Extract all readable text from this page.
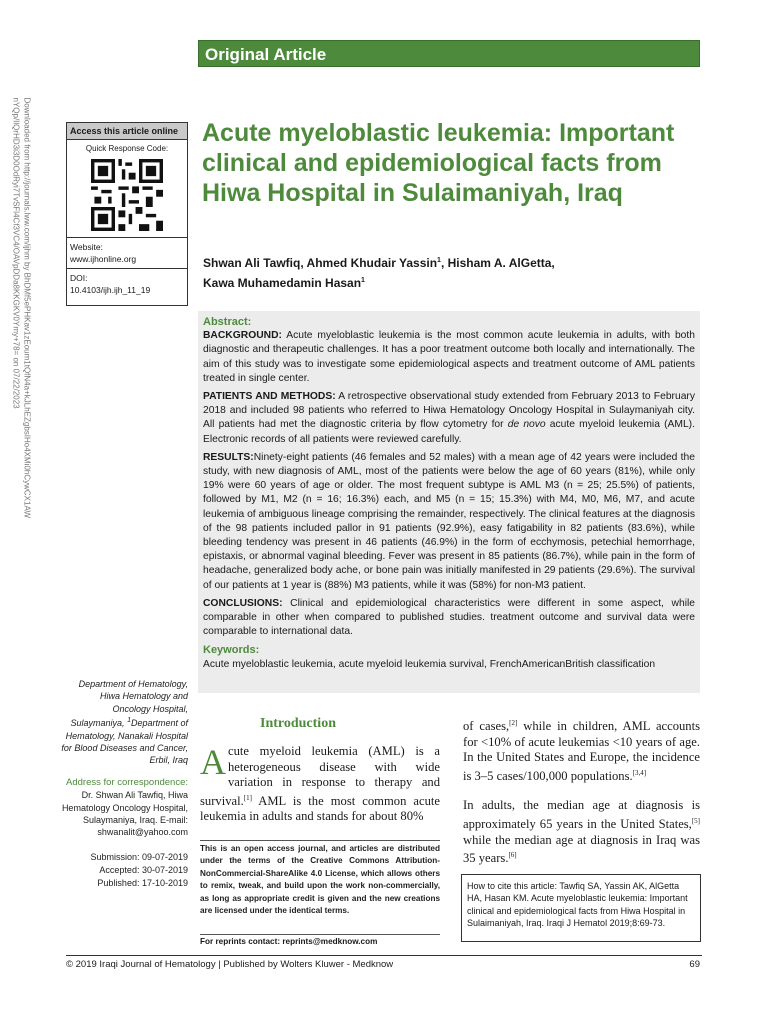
Original Article
Downloaded from http://journals.lww.com/ijhm by BhDMf5ePHKav1zEoum1tQfN4a+kJLhEZgbsIHo4XMi0hCywCX1AW
nYQp/IlQrHD3i3D0OdRyi7TvSFl4Cf3VC4/OAVpDDa8KKGKV0Ymy+78= on 07/22/2023	Access this article online
Quick Response Code:
Website:
www.ijhonline.org
DOI:
10.4103/ijh.ijh_11_19
Acute myeloblastic leukemia: Important clinical and epidemiological facts from Hiwa Hospital in Sulaimaniyah, Iraq
Shwan Ali Tawfiq, Ahmed Khudair Yassin$^1$, Hisham A. AlGetta,
Kawa Muhamedamin Hasan$^1$
Abstract:

BACKGROUND: Acute myeloblastic leukemia is the most common acute leukemia in adults, with both diagnostic and therapeutic challenges. It has a poor treatment outcome both locally and internationally. The aim of this study was to investigate some epidemiological aspects and treatment outcome of AML patients treated in single center.

PATIENTS AND METHODS: A retrospective observational study extended from February 2013 to February 2018 and included 98 patients who referred to Hiwa Hematology Oncology Hospital in Sulaymaniyah city. All patients had met the diagnostic criteria by flow cytometry for de novo acute myeloid leukemia (AML). Electronic records of all patients were reviewed carefully.

RESULTS:Ninety-eight patients (46 females and 52 males) with a mean age of 42 years were included the study, with new diagnosis of AML, most of the patients were below the age of 60 years (81%), while only 19% were 60 years of age or older. The most frequent subtype is AML M3 (n = 25; 25.5%) of patients, followed by M1, M2 (n = 16; 16.3%) each, and M5 (n = 15; 15.3%) with M4, M0, M6, M7, and acute leukemia of ambiguous lineage comprising the remainder, respectively. The clinical features at the diagnosis of the 98 patients included pallor in 91 patients (92.9%), easy fatigability in 82 patients (83.6%), while bleeding tendency was present in 46 patients (46.9%) in the form of ecchymosis, petechial hemorrhage, epistaxis, or abnormal vaginal bleeding. Fever was present in 85 patients (86.7%), while pain in the form of headache, generalized body ache, or bone pain was initially manifested in 29 patients (29.6%). The survival of our patients at 1 year is (88%) M3 patients, while it was (58%) for non-M3 patient.

CONCLUSIONS: Clinical and epidemiological characteristics were different in some aspect, while comparable in other when compared to published studies. treatment outcome and survival data were comparable to international data.

Keywords:
Acute myeloblastic leukemia, acute myeloid leukemia survival, FrenchAmericanBritish classification
Department of Hematology, Hiwa Hematology and Oncology Hospital, Sulaymaniya, $^1$Department of Hematology, Nanakali Hospital for Blood Diseases and Cancer, Erbil, Iraq
Address for correspondence:
Dr. Shwan Ali Tawfiq, Hiwa Hematology Oncology Hospital, Sulaymaniya, Iraq. E-mail: shwanalit@yahoo.com
Submission: 09-07-2019
Accepted: 30-07-2019
Published: 17-10-2019
Introduction
Acute myeloid leukemia (AML) is a heterogeneous disease with wide variation in response to therapy and survival.[1] AML is the most common acute leukemia in adults and stands for about 80%

of cases,[2] while in children, AML accounts for <10% of acute leukemias <10 years of age. In the United States and Europe, the incidence is 3–5 cases/100,000 populations.[3,4]

In adults, the median age at diagnosis is approximately 65 years in the United States,[5] while the median age at diagnosis in Iraq was 35 years.[6]

This is an open access journal, and articles are distributed under the terms of the Creative Commons Attribution-NonCommercial-ShareAlike 4.0 License, which allows others to remix, tweak, and build upon the work non-commercially, as long as appropriate credit is given and the new creations are licensed under the identical terms.
For reprints contact: reprints@medknow.com
How to cite this article: Tawfiq SA, Yassin AK, AlGetta HA, Hasan KM. Acute myeloblastic leukemia: Important clinical and epidemiological facts from Hiwa Hospital in Sulaimaniyah, Iraq. Iraqi J Hematol 2019;8:69-73.
© 2019 Iraqi Journal of Hematology | Published by Wolters Kluwer - Medknow	69
